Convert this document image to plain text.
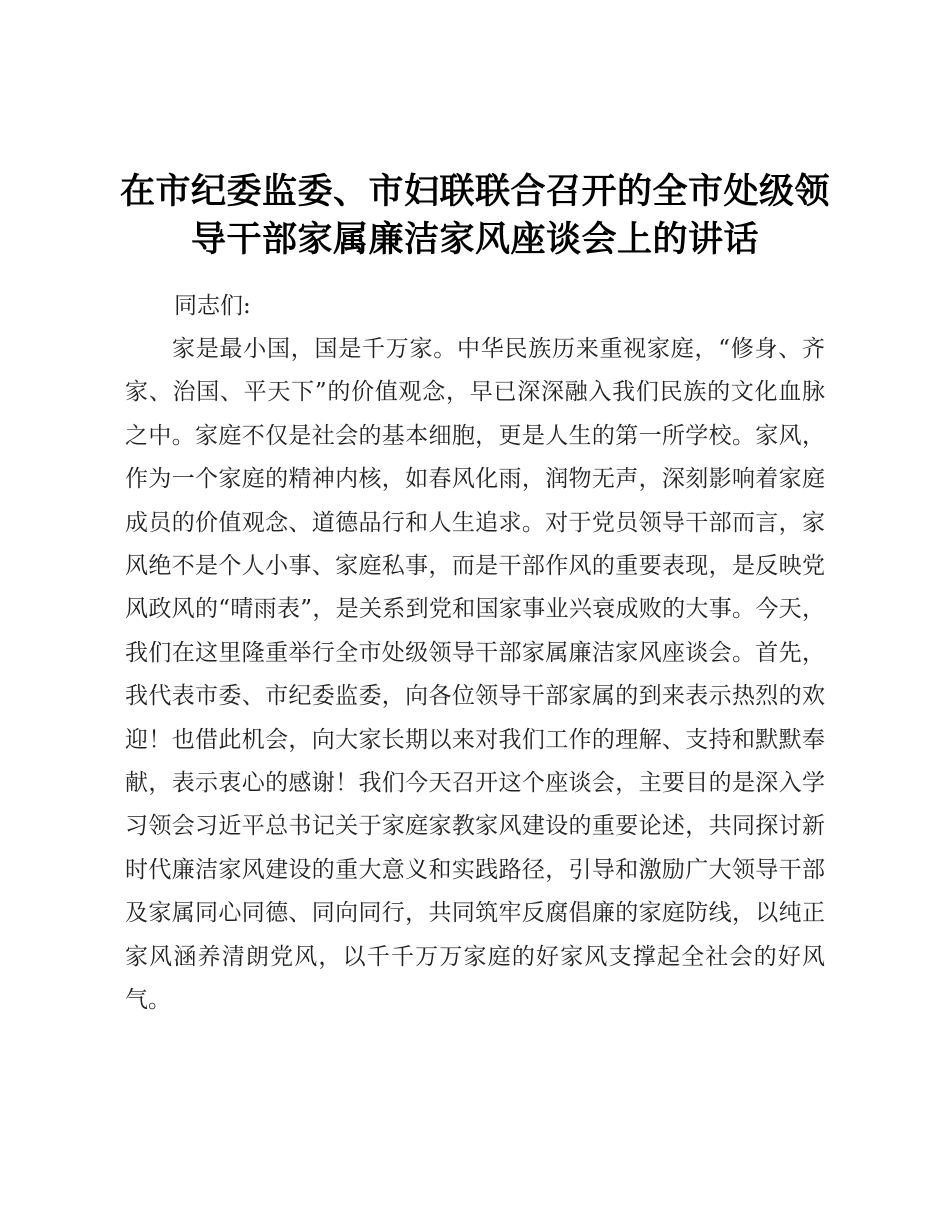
在市纪委监委、市妇联联合召开的全市处级领导干部家属廉洁家风座谈会上的讲话

同志们:

家是最小国，国是千万家。中华民族历来重视家庭，“修身、齐家、治国、平天下”的价值观念，早已深深融入我们民族的文化血脉之中。家庭不仅是社会的基本细胞，更是人生的第一所学校。家风，作为一个家庭的精神内核，如春风化雨，润物无声，深刻影响着家庭成员的价值观念、道德品行和人生追求。对于党员领导干部而言，家风绝不是个人小事、家庭私事，而是干部作风的重要表现，是反映党风政风的“晴雨表”，是关系到党和国家事业兴衰成败的大事。今天，我们在这里隆重举行全市处级领导干部家属廉洁家风座谈会。首先，我代表市委、市纪委监委，向各位领导干部家属的到来表示热烈的欢迎！也借此机会，向大家长期以来对我们工作的理解、支持和默默奉献，表示衷心的感谢！我们今天召开这个座谈会，主要目的是深入学习领会习近平总书记关于家庭家教家风建设的重要论述，共同探讨新时代廉洁家风建设的重大意义和实践路径，引导和激励广大领导干部及家属同心同德、同向同行，共同筑牢反腐倡廉的家庭防线，以纯正家风涵养清朗党风，以千千万万家庭的好家风支撑起全社会的好风气。
